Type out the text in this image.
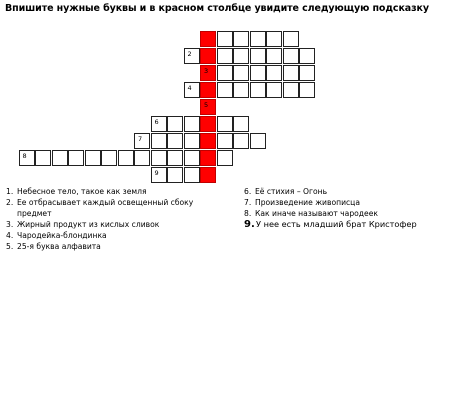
Впишите нужные буквы и в красном столбце увидите следующую подсказку
2
3
4
5
6
7
8
9
1. Небесное тело, такое как земля
2. Ее отбрасывает каждый освещенный сбоку предмет
3. Жирный продукт из кислых сливок
4. Чародейка-блондинка
5. 25-я буква алфавита
6. Её стихия – Огонь
7. Произведение живописца
8. Как иначе называют чародеек
9. У нее есть младший брат Кристофер
